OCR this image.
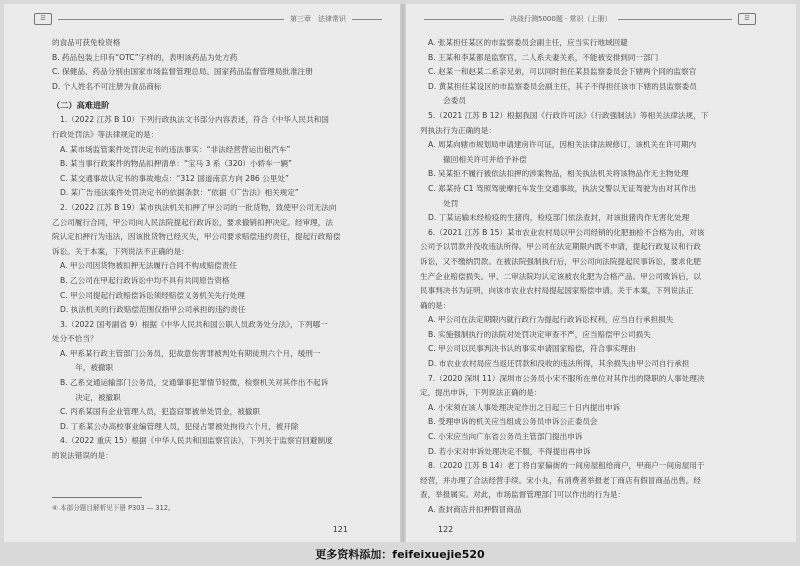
☰	第三章　法律常识
的食品可获免检资格
B. 药品包装上印有“OTC”字样的，表明该药品为处方药
C. 保健品、药品分别由国家市场监督管理总局、国家药品监督管理局批准注册
D. 个人姓名不可注册为食品商标
（二）高难进阶
1.（2022 江苏 B 10）下列行政执法文书部分内容表述，符合《中华人民共和国
行政处罚法》等法律规定的是：
A. 某市场监管案件处罚决定书的违法事实：“非法经营营运出租汽车”
B. 某当事行政案件的物品扣押清单：“宝马 3 系（320）小轿车一辆”
C. 某交通事故认定书的事故地点：“312 国道南京方向 286 公里处”
D. 某广告违法案件处罚决定书的依据条款：“依据《广告法》相关规定”
2.（2022 江苏 B 19）某市执法机关扣押了甲公司的一批货物，致使甲公司无法向
乙公司履行合同，甲公司向人民法院提起行政诉讼，要求撤销扣押决定。经审理，法
院认定扣押行为违法，因该批货物已经灭失，甲公司要求赔偿违约责任，提起行政赔偿
诉讼。关于本案，下列说法不正确的是：
A. 甲公司因货物被扣押无法履行合同不构成赔偿责任
B. 乙公司在甲起行政诉讼中均不具有共同原告资格
C. 甲公司提起行政赔偿诉讼须经赔偿义务机关先行处理
D. 执法机关的行政赔偿范围仅指甲公司承担的违约责任
3.（2022 国考副省 9）根据《中华人民共和国公职人员政务处分法》，下列哪一
处分不恰当？
A. 甲系某行政主管部门公务员，犯故意伤害罪被判处有期徒刑六个月，缓刑一
　　年，被撤职
B. 乙系交通运输部门公务员，交通肇事犯罪情节轻微，检察机关对其作出不起诉
　　决定，被撤职
C. 丙系某国有企业管理人员，犯盗窃罪被单处罚金，被撤职
D. 丁系某公办高校事业编管理人员，犯侵占罪被处拘役六个月，被开除
4.（2022 重庆 15）根据《中华人民共和国监察官法》，下列关于监察官回避制度
的说法错误的是：
⑥ 本部分题目解析见下册 P303 — 312。
121
决战行测5000题 · 常识（上册）	☰
A. 张某担任某区的市监察委员会副主任，应当实行地域回避
B. 王某和李某都是监察官，二人系夫妻关系，不能被安排到同一部门
C. 赵某一和赵某二系亲兄弟，可以同时担任某县监察委员会下辖两个同的监察官
D. 黄某担任某设区的市监察委员会副主任，其子不得担任该市下辖的县监察委员
　　会委员
5.（2021 江苏 B 12）根据我国《行政许可法》《行政强制法》等相关法律法规，下
列执法行为正确的是：
A. 周某向辖市规划局申请建房许可证，因相关法律法规修订，该机关在许可期内
　　撤回相关许可并给予补偿
B. 吴某拒不履行被依法扣押的涉案物品，相关执法机关将该物品作无主物处理
C. 郑某持 C1 驾照驾驶摩托车发生交通事故，执法交警以无证驾驶为由对其作出
　　处罚
D. 丁某运输未经检疫的生猪肉，检疫部门依法查封，对该批猪肉作无害化处理
6.（2021 江苏 B 15）某市农业农村局以甲公司经销的化肥抽检不合格为由，对该
公司予以罚款并没收违法所得。甲公司在法定期限内既不申请，提起行政复议和行政
诉讼，又不缴纳罚款。在被法院强制执行后，甲公司向法院提起民事诉讼，要求化肥
生产企业赔偿损失。甲、二审法院均认定该被农化肥为合格产品。甲公司败诉后，以
民事判决书为证明，向该市农业农村局提起国家赔偿申请。关于本案，下列说法正
确的是：
A. 甲公司在法定期限内就行政行为提起行政诉讼权利，应当自行承担损失
B. 实施强制执行的法院对处罚决定审查不严，应当赔偿甲公司损失
C. 甲公司以民事判决书认的事实申请国家赔偿，符合事实理由
D. 市农业农村局应当返还罚款和没收的违法所得，其余损失由甲公司自行承担
7.（2020 深圳 11）深圳市公务员小宋不服所在单位对其作出的降职的人事处理决
定，提出申诉，下列说法正确的是：
A. 小宋须在该人事处理决定作出之日起三十日内提出申诉
B. 受理申诉的机关应当组成公务员申诉公正委员会
C. 小宋应当向广东省公务员主管部门提出申诉
D. 若小宋对申诉处理决定不服，不得提出再申诉
8.（2020 江苏 B 14）老丁将自家偏街的一间房屋租给商户，甲商户一间房屋用于
经营，并办理了合法经营手续。宋小丸，有消费者举报老丁商店有假冒商品出售。经
查，举报属实。对此，市场监督管理部门可以作出的行为是：
A. 查封商店并扣押假冒商品
122
更多资料添加：feifeixuejie520
